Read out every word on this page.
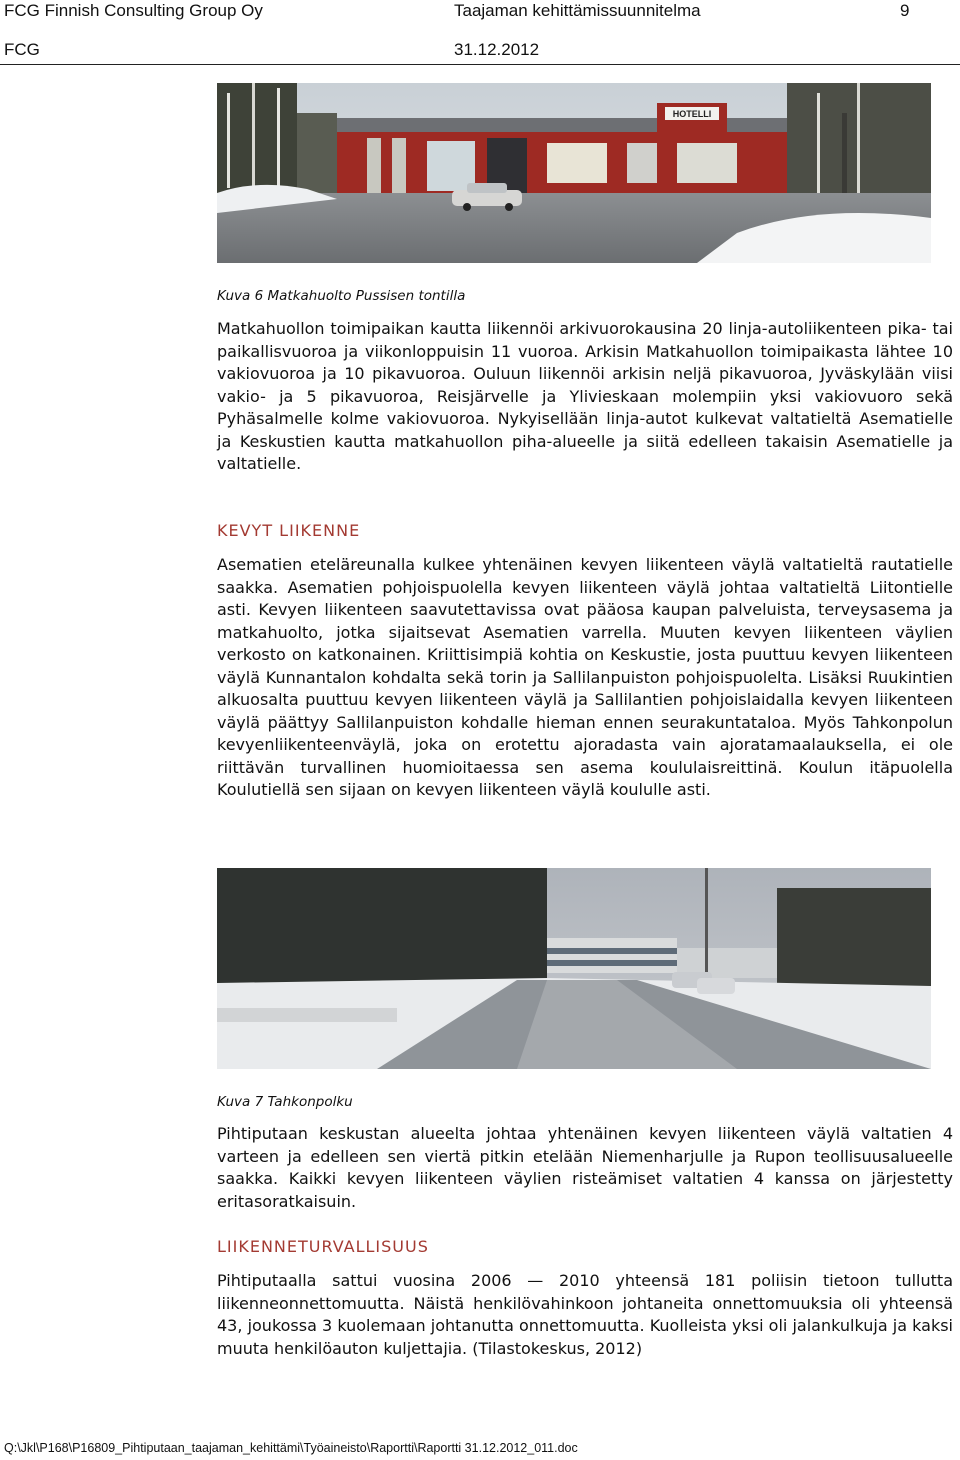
FCG Finnish Consulting Group Oy	Taajaman kehittämissuunnitelma	9
FCG	31.12.2012
HOTELLI
Kuva 6 Matkahuolto Pussisen tontilla

Matkahuollon toimipaikan kautta liikennöi arkivuorokausina 20 linja-autoliikenteen pika- tai paikallisvuoroa ja viikonloppuisin 11 vuoroa. Arkisin Matkahuollon toimipaikasta lähtee 10 vakiovuoroa ja 10 pikavuoroa. Ouluun liikennöi arkisin neljä pikavuoroa, Jyväskylään viisi vakio- ja 5 pikavuoroa, Reisjärvelle ja Ylivieskaan molempiin yksi vakiovuoro sekä Pyhäsalmelle kolme vakiovuoroa. Nykyisellään linja-autot kulkevat valtatieltä Asematielle ja Keskustien kautta matkahuollon piha-alueelle ja siitä edelleen takaisin Asematielle ja valtatielle.

KEVYT LIIKENNE

Asematien eteläreunalla kulkee yhtenäinen kevyen liikenteen väylä valtatieltä rautatielle saakka. Asematien pohjoispuolella kevyen liikenteen väylä johtaa valtatieltä Liitontielle asti. Kevyen liikenteen saavutettavissa ovat pääosa kaupan palveluista, terveysasema ja matkahuolto, jotka sijaitsevat Asematien varrella. Muuten kevyen liikenteen väylien verkosto on katkonainen. Kriittisimpiä kohtia on Keskustie, josta puuttuu kevyen liikenteen väylä Kunnantalon kohdalta sekä torin ja Sallilanpuiston pohjoispuolelta. Lisäksi Ruukintien alkuosalta puuttuu kevyen liikenteen väylä ja Sallilantien pohjoislaidalla kevyen liikenteen väylä päättyy Sallilanpuiston kohdalle hieman ennen seurakuntataloa. Myös Tahkonpolun kevyenliikenteenväylä, joka on erotettu ajoradasta vain ajoratamaalauksella, ei ole riittävän turvallinen huomioitaessa sen asema koululaisreittinä. Koulun itäpuolella Koulutiellä sen sijaan on kevyen liikenteen väylä koululle asti.

Kuva 7 Tahkonpolku

Pihtiputaan keskustan alueelta johtaa yhtenäinen kevyen liikenteen väylä valtatien 4 varteen ja edelleen sen viertä pitkin etelään Niemenharjulle ja Rupon teollisuusalueelle saakka. Kaikki kevyen liikenteen väylien risteämiset valtatien 4 kanssa on järjestetty eritasoratkaisuin.

LIIKENNETURVALLISUUS

Pihtiputaalla sattui vuosina 2006 — 2010 yhteensä 181 poliisin tietoon tullutta liikenneonnettomuutta. Näistä henkilövahinkoon johtaneita onnettomuuksia oli yhteensä 43, joukossa 3 kuolemaan johtanutta onnettomuutta. Kuolleista yksi oli jalankulkuja ja kaksi muuta henkilöauton kuljettajia. (Tilastokeskus, 2012)

Q:\Jkl\P168\P16809_Pihtiputaan_taajaman_kehittämi\Työaineisto\Raportti\Raportti 31.12.2012_011.doc
